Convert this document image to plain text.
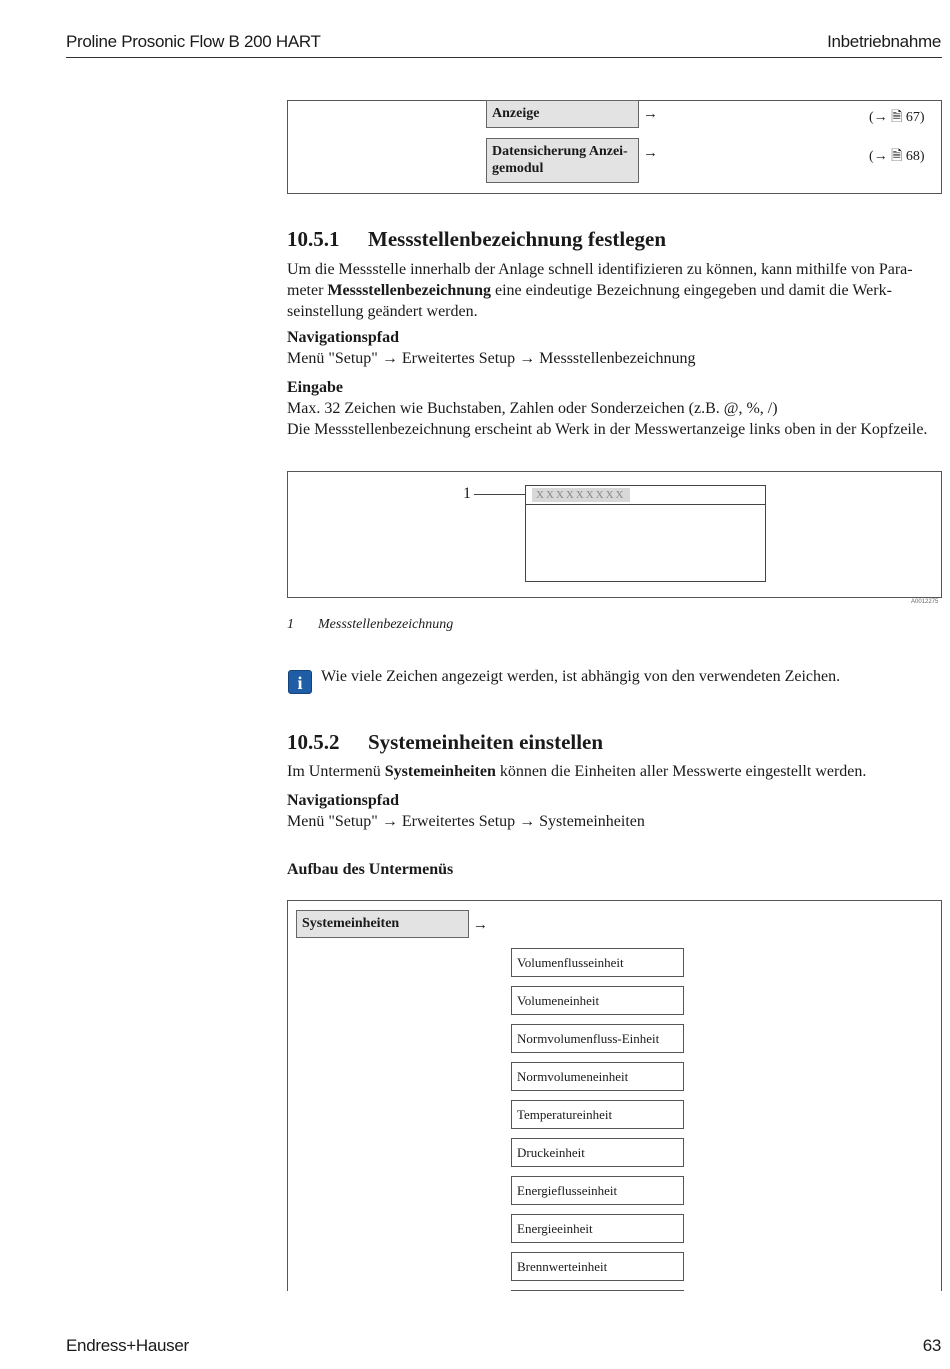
Proline Prosonic Flow B 200 HART	Inbetriebnahme
Anzeige	→	(→ 🗎 67)
Datensicherung Anzei-
gemodul
→	(→ 🗎 68)
10.5.1 Messstellenbezeichnung festlegen
Um die Messstelle innerhalb der Anlage schnell identifizieren zu können, kann mithilfe von Para-
meter Messstellenbezeichnung eine eindeutige Bezeichnung eingegeben und damit die Werk-
seinstellung geändert werden.
Navigationspfad
Menü "Setup" → Erweitertes Setup → Messstellenbezeichnung
Eingabe
Max. 32 Zeichen wie Buchstaben, Zahlen oder Sonderzeichen (z.B. @, %, /)
Die Messstellenbezeichnung erscheint ab Werk in der Messwertanzeige links oben in der Kopfzeile.
1	XXXXXXXXX
A0012275
1 Messstellenbezeichnung
i	Wie viele Zeichen angezeigt werden, ist abhängig von den verwendeten Zeichen.
10.5.2 Systemeinheiten einstellen
Im Untermenü Systemeinheiten können die Einheiten aller Messwerte eingestellt werden.
Navigationspfad
Menü "Setup" → Erweitertes Setup → Systemeinheiten
Aufbau des Untermenüs
Systemeinheiten	→
Volumenflusseinheit
Volumeneinheit
Normvolumenfluss-Einheit
Normvolumeneinheit
Temperatureinheit
Druckeinheit
Energieflusseinheit
Energieeinheit
Brennwerteinheit
Endress+Hauser	63
